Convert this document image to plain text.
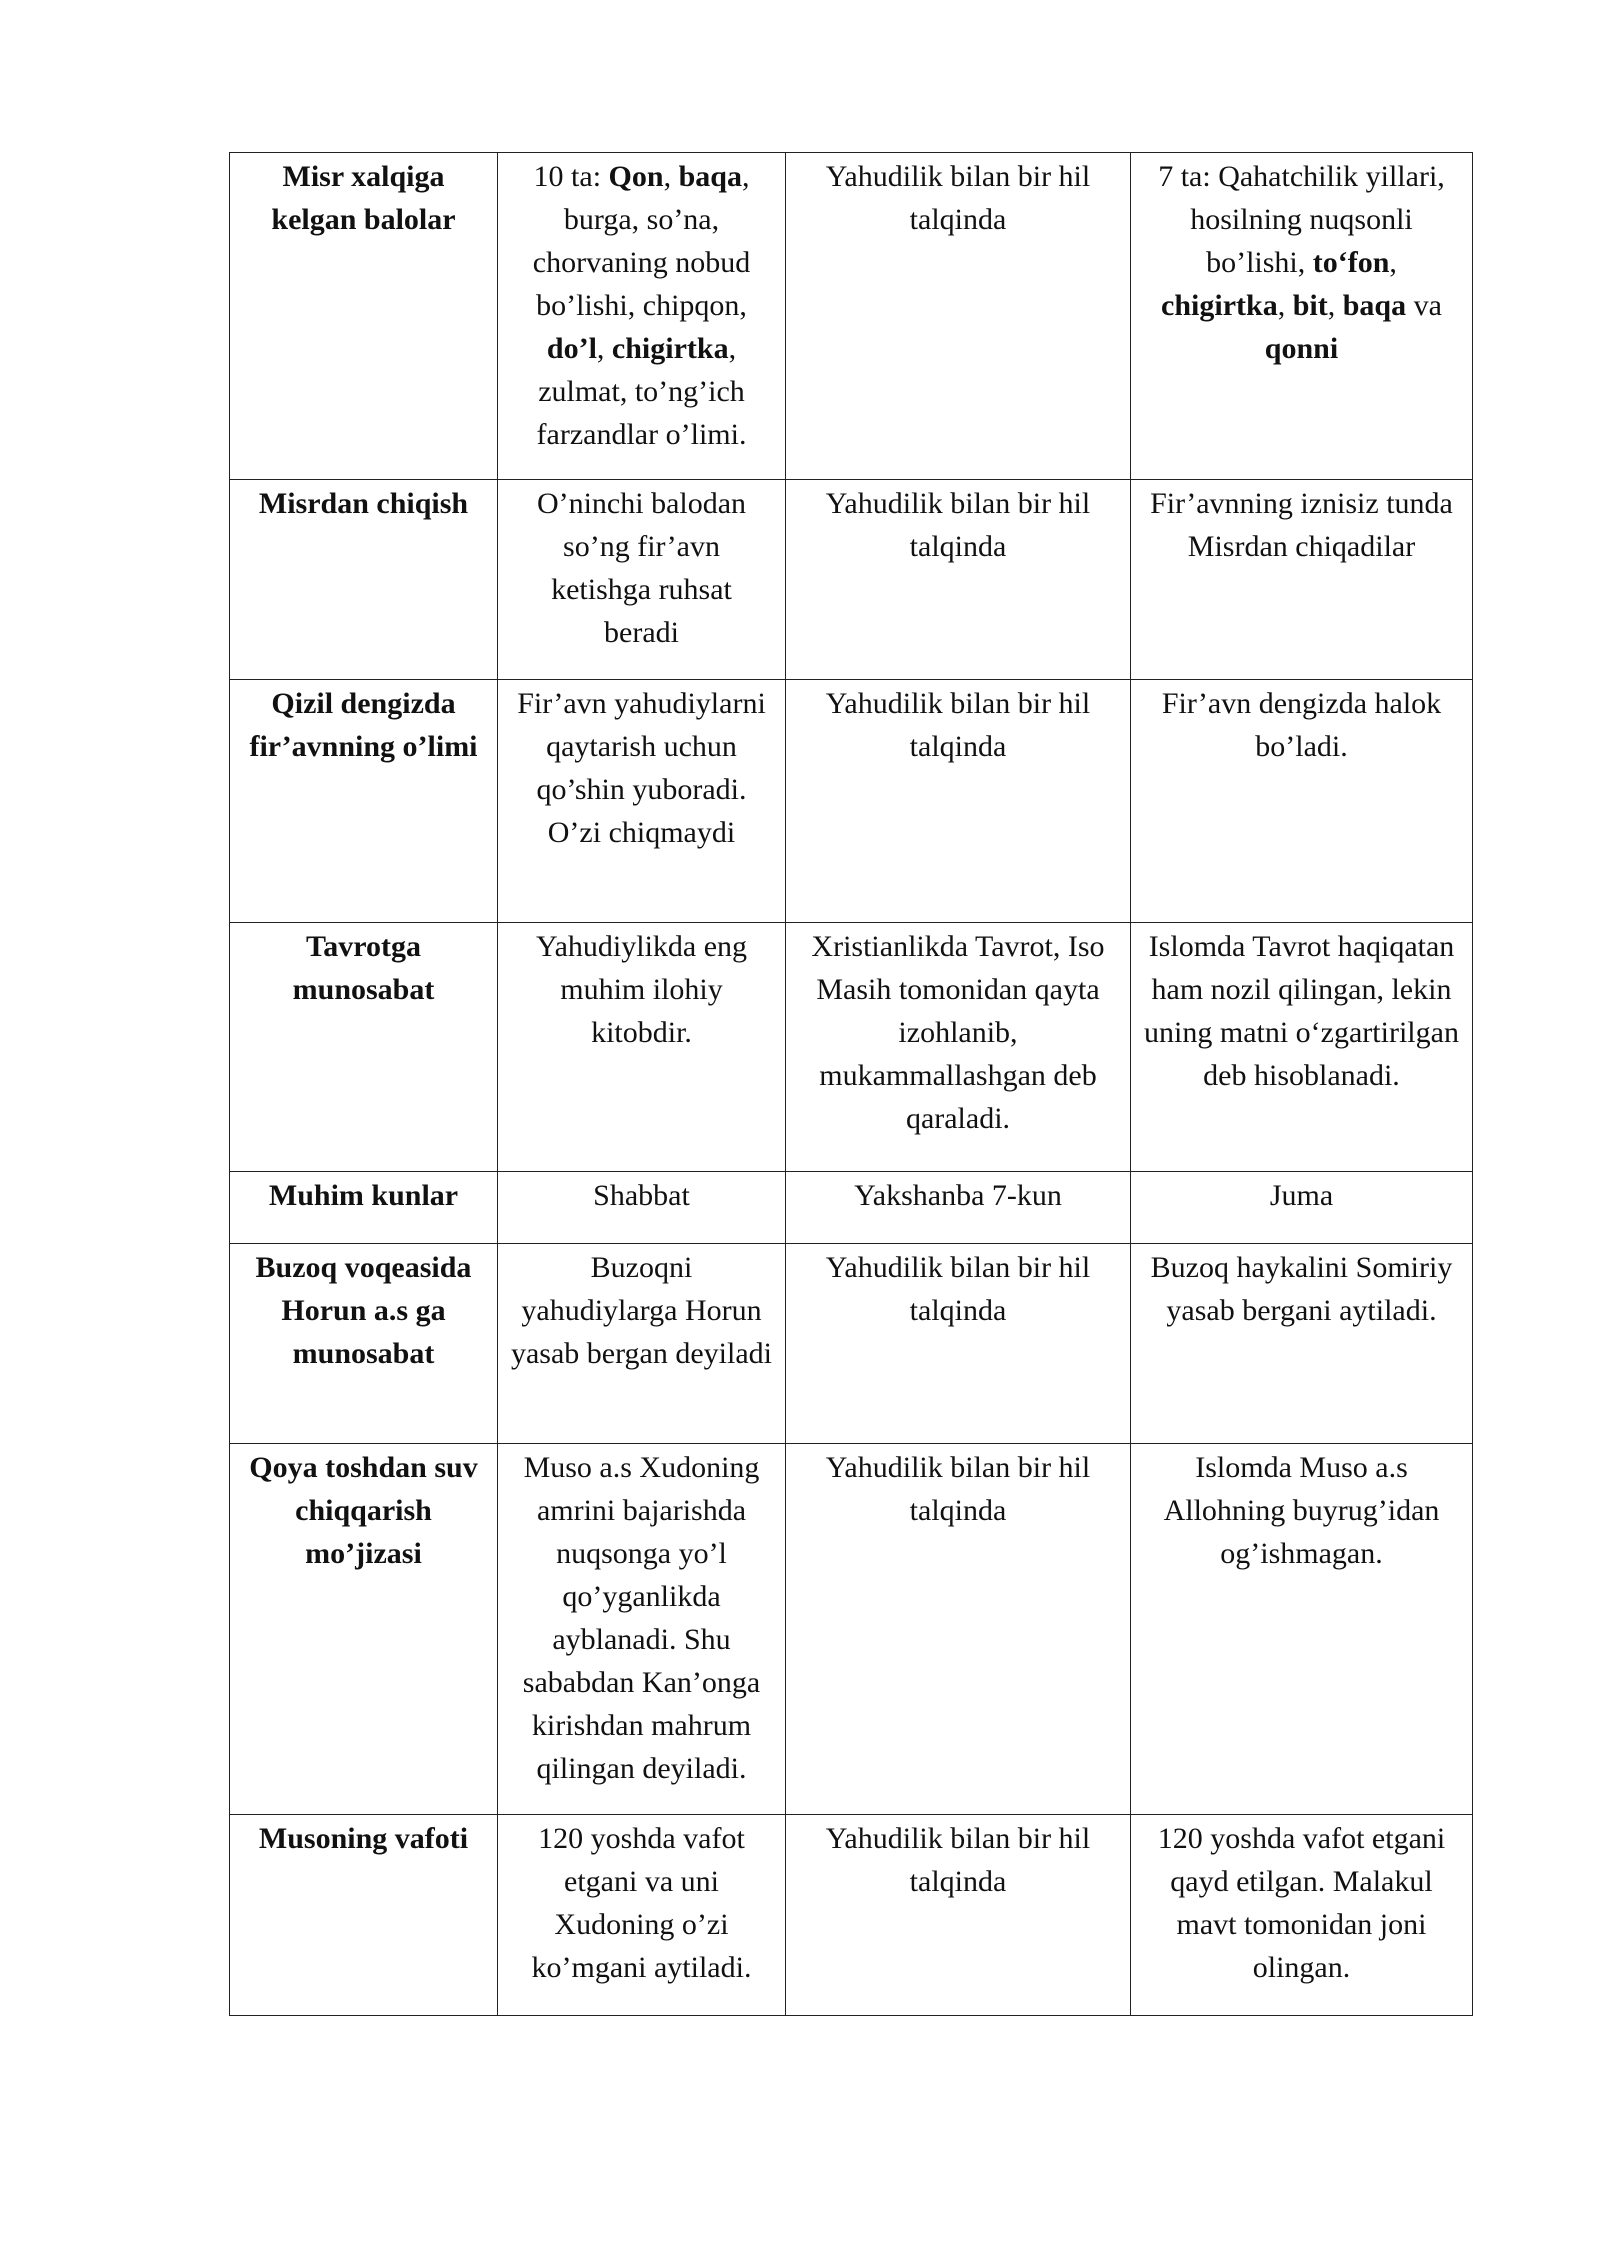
Misr xalqiga kelgan balolar	10 ta: Qon, baqa, burga, so’na, chorvaning nobud bo’lishi, chipqon, do’l, chigirtka, zulmat, to’ng’ich farzandlar o’limi.	Yahudilik bilan bir hil talqinda	7 ta: Qahatchilik yillari, hosilning nuqsonli bo’lishi, to‘fon, chigirtka, bit, baqa va qonni
Misrdan chiqish	O’ninchi balodan so’ng fir’avn ketishga ruhsat beradi	Yahudilik bilan bir hil talqinda	Fir’avnning iznisiz tunda Misrdan chiqadilar
Qizil dengizda fir’avnning o’limi	Fir’avn yahudiylarni qaytarish uchun qo’shin yuboradi. O’zi chiqmaydi	Yahudilik bilan bir hil talqinda	Fir’avn dengizda halok bo’ladi.
Tavrotga munosabat	Yahudiylikda eng muhim ilohiy kitobdir.	Xristianlikda Tavrot, Iso Masih tomonidan qayta izohlanib, mukammallashgan deb qaraladi.	Islomda Tavrot haqiqatan ham nozil qilingan, lekin uning matni o‘zgartirilgan deb hisoblanadi.
Muhim kunlar	Shabbat	Yakshanba 7-kun	Juma
Buzoq voqeasida Horun a.s ga munosabat	Buzoqni yahudiylarga Horun yasab bergan deyiladi	Yahudilik bilan bir hil talqinda	Buzoq haykalini Somiriy yasab bergani aytiladi.
Qoya toshdan suv chiqqarish mo’jizasi	Muso a.s Xudoning amrini bajarishda nuqsonga yo’l qo’yganlikda ayblanadi. Shu sababdan Kan’onga kirishdan mahrum qilingan deyiladi.	Yahudilik bilan bir hil talqinda	Islomda Muso a.s Allohning buyrug’idan og’ishmagan.
Musoning vafoti	120 yoshda vafot etgani va uni Xudoning o’zi ko’mgani aytiladi.	Yahudilik bilan bir hil talqinda	120 yoshda vafot etgani qayd etilgan. Malakul mavt tomonidan joni olingan.
